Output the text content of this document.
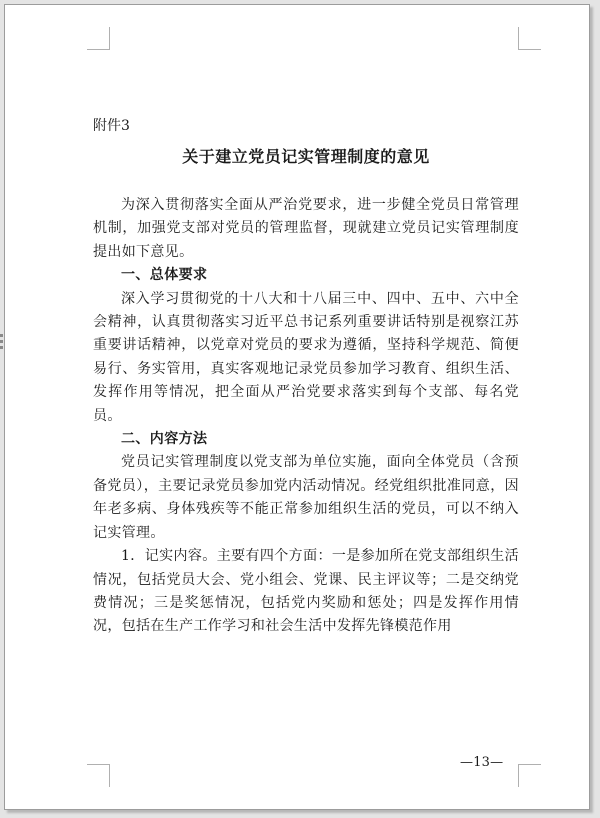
附件3

关于建立党员记实管理制度的意见

为深入贯彻落实全面从严治党要求，进一步健全党员日常管理机制，加强党支部对党员的管理监督，现就建立党员记实管理制度提出如下意见。

一、总体要求

深入学习贯彻党的十八大和十八届三中、四中、五中、六中全会精神，认真贯彻落实习近平总书记系列重要讲话特别是视察江苏重要讲话精神，以党章对党员的要求为遵循，坚持科学规范、简便易行、务实管用，真实客观地记录党员参加学习教育、组织生活、发挥作用等情况，把全面从严治党要求落实到每个支部、每名党员。

二、内容方法

党员记实管理制度以党支部为单位实施，面向全体党员（含预备党员），主要记录党员参加党内活动情况。经党组织批准同意，因年老多病、身体残疾等不能正常参加组织生活的党员，可以不纳入记实管理。

1．记实内容。主要有四个方面：一是参加所在党支部组织生活情况，包括党员大会、党小组会、党课、民主评议等；二是交纳党费情况；三是奖惩情况，包括党内奖励和惩处；四是发挥作用情况，包括在生产工作学习和社会生活中发挥先锋模范作用

—13—
